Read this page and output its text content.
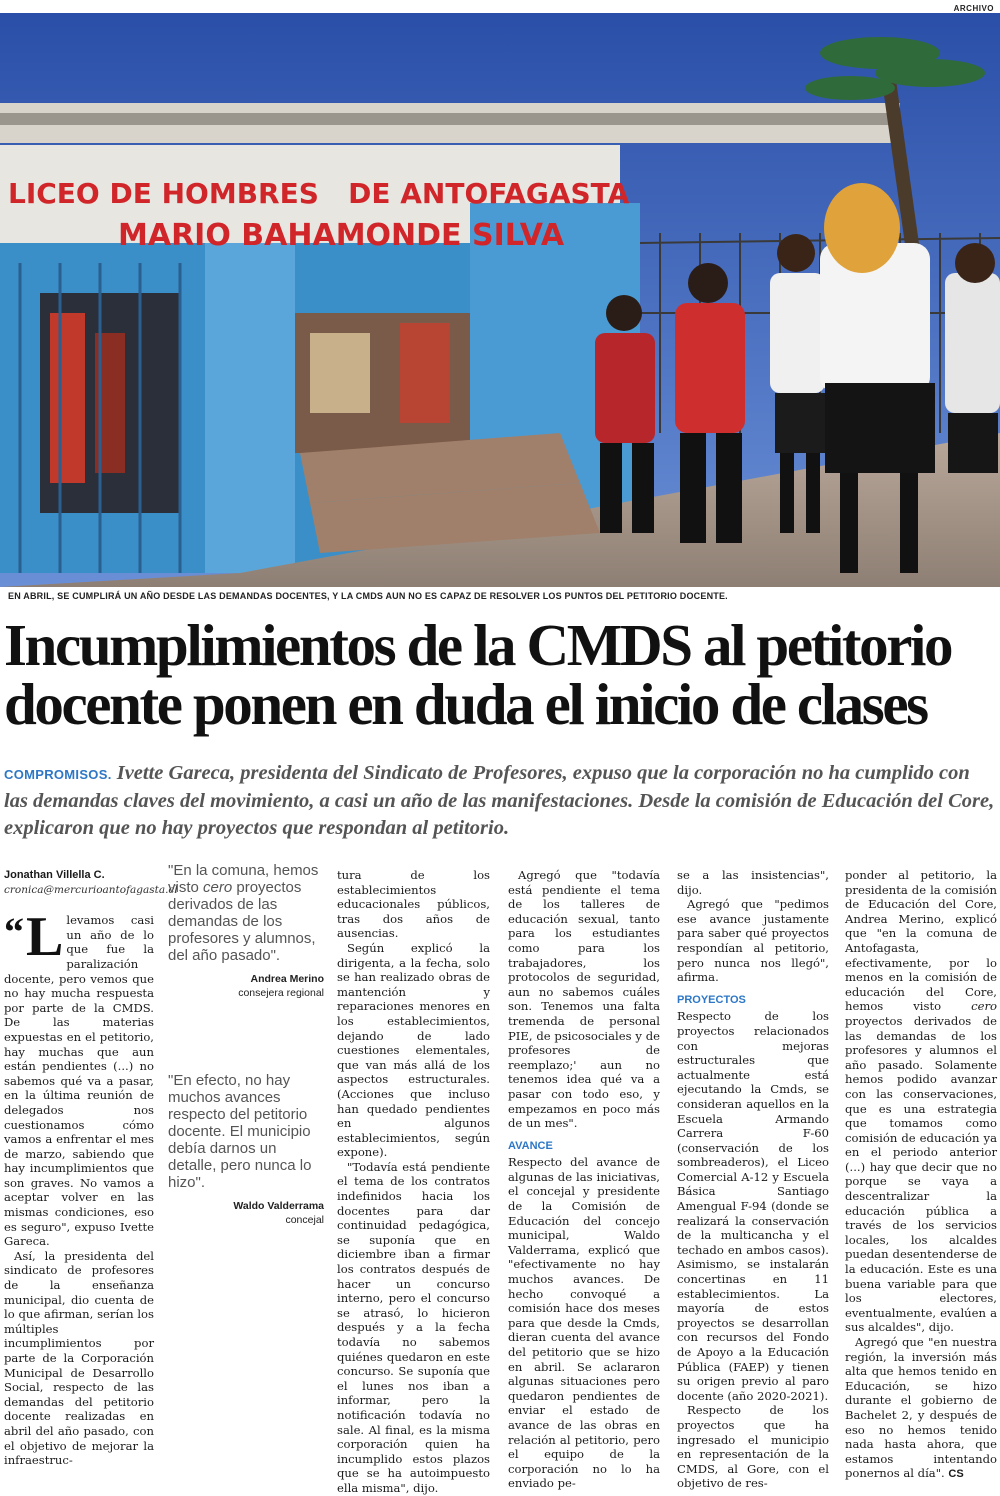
ARCHIVO
LICEO DE HOMBRES   DE ANTOFAGASTA
MARIO BAHAMONDE SILVA
EN ABRIL, SE CUMPLIRÁ UN AÑO DESDE LAS DEMANDAS DOCENTES, Y LA CMDS AUN NO ES CAPAZ DE RESOLVER LOS PUNTOS DEL PETITORIO DOCENTE.
Incumplimientos de la CMDS al petitorio
docente ponen en duda el inicio de clases

COMPROMISOS. Ivette Gareca, presidenta del Sindicato de Profesores, expuso que la corporación no ha cumplido con las demandas claves del movimiento, a casi un año de las manifestaciones. Desde la comisión de Educación del Core, explicaron que no hay proyectos que respondan al petitorio.

Jonathan Villella C.
cronica@mercurioantofagasta.cl

“ L levamos casi un año de lo que fue la paralización docente, pero vemos que no hay mucha respuesta por parte de la CMDS. De las materias expuestas en el petitorio, hay muchas que aun están pendientes (...) no sabemos qué va a pasar, en la última reunión de delegados nos cuestionamos cómo vamos a enfrentar el mes de marzo, sabiendo que hay incumplimientos que son graves. No vamos a aceptar volver en las mismas condiciones, eso es seguro", expuso Ivette Gareca.

Así, la presidenta del sindicato de profesores de la enseñanza municipal, dio cuenta de lo que afirman, serían los múltiples incumplimientos por parte de la Corporación Municipal de Desarrollo Social, respecto de las demandas del petitorio docente realizadas en abril del año pasado, con el objetivo de mejorar la infraestruc-

"En la comuna, hemos visto cero proyectos derivados de las demandas de los profesores y alumnos, del año pasado".
Andrea Merino
consejera regional
"En efecto, no hay muchos avances respecto del petitorio docente. El municipio debía darnos un detalle, pero nunca lo hizo".
Waldo Valderrama
concejal

tura de los establecimientos educacionales públicos, tras dos años de ausencias.

Según explicó la dirigenta, a la fecha, solo se han realizado obras de mantención y reparaciones menores en los establecimientos, dejando de lado cuestiones elementales, que van más allá de los aspectos estructurales. (Acciones que incluso han quedado pendientes en algunos establecimientos, según expone).

"Todavía está pendiente el tema de los contratos indefinidos hacia los docentes para dar continuidad pedagógica, se suponía que en diciembre iban a firmar los contratos después de hacer un concurso interno, pero el concurso se atrasó, lo hicieron después y a la fecha todavía no sabemos quiénes quedaron en este concurso. Se suponía que el lunes nos iban a informar, pero la notificación todavía no sale. Al final, es la misma corporación quien ha incumplido estos plazos que se ha autoimpuesto ella misma", dijo.

Agregó que "todavía está pendiente el tema de los talleres de educación sexual, tanto para los estudiantes como para los trabajadores, los protocolos de seguridad, aun no sabemos cuáles son. Tenemos una falta tremenda de personal PIE, de psicosociales y de profesores de reemplazo;' aun no tenemos idea qué va a pasar con todo eso, y empezamos en poco más de un mes".

AVANCE

Respecto del avance de algunas de las iniciativas, el concejal y presidente de la Comisión de Educación del concejo municipal, Waldo Valderrama, explicó que "efectivamente no hay muchos avances. De hecho convoqué a comisión hace dos meses para que desde la Cmds, dieran cuenta del avance del petitorio que se hizo en abril. Se aclararon algunas situaciones pero quedaron pendientes de enviar el estado de avance de las obras en relación al petitorio, pero el equipo de la corporación no lo ha enviado pe-

se a las insistencias", dijo.

Agregó que "pedimos ese avance justamente para saber qué proyectos respondían al petitorio, pero nunca nos llegó", afirma.

PROYECTOS

Respecto de los proyectos relacionados con mejoras estructurales que actualmente está ejecutando la Cmds, se consideran aquellos en la Escuela Armando Carrera F-60 (conservación de los sombreaderos), el Liceo Comercial A-12 y Escuela Básica Santiago Amengual F-94 (donde se realizará la conservación de la multicancha y el techado en ambos casos). Asimismo, se instalarán concertinas en 11 establecimientos. La mayoría de estos proyectos se desarrollan con recursos del Fondo de Apoyo a la Educación Pública (FAEP) y tienen su origen previo al paro docente (año 2020-2021).

Respecto de los proyectos que ha ingresado el municipio en representación de la CMDS, al Gore, con el objetivo de res-

ponder al petitorio, la presidenta de la comisión de Educación del Core, Andrea Merino, explicó que "en la comuna de Antofagasta, efectivamente, por lo menos en la comisión de educación del Core, hemos visto cero proyectos derivados de las demandas de los profesores y alumnos el año pasado. Solamente hemos podido avanzar con las conservaciones, que es una estrategia que tomamos como comisión de educación ya en el periodo anterior (...) hay que decir que no porque se vaya a descentralizar la educación pública a través de los servicios locales, los alcaldes puedan desentenderse de la educación. Este es una buena variable para que los electores, eventualmente, evalúen a sus alcaldes", dijo.

Agregó que "en nuestra región, la inversión más alta que hemos tenido en Educación, se hizo durante el gobierno de Bachelet 2, y después de eso no hemos tenido nada hasta ahora, que estamos intentando ponernos al día". CS
